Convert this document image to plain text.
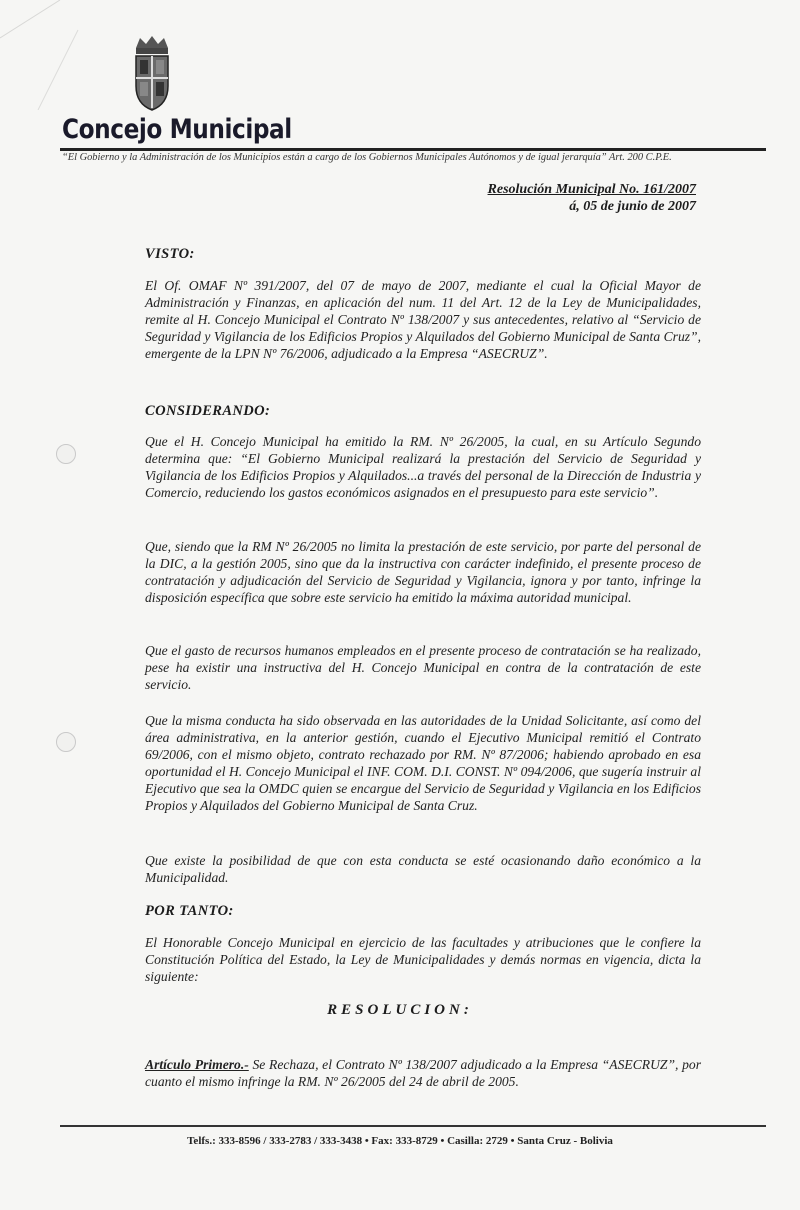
Concejo Municipal
“El Gobierno y la Administración de los Municipios están a cargo de los Gobiernos Municipales Autónomos y de igual jerarquía” Art. 200 C.P.E.
Resolución Municipal No. 161/2007
á, 05 de junio de 2007
VISTO:
El Of. OMAF Nº 391/2007, del 07 de mayo de 2007, mediante el cual la Oficial Mayor de Administración y Finanzas, en aplicación del num. 11 del Art. 12 de la Ley de Municipalidades, remite al H. Concejo Municipal el Contrato Nº 138/2007 y sus antecedentes, relativo al “Servicio de Seguridad y Vigilancia de los Edificios Propios y Alquilados del Gobierno Municipal de Santa Cruz”, emergente de la LPN Nº 76/2006, adjudicado a la Empresa “ASECRUZ”.
CONSIDERANDO:
Que el H. Concejo Municipal ha emitido la RM. Nº 26/2005, la cual, en su Artículo Segundo determina que: “El Gobierno Municipal realizará la prestación del Servicio de Seguridad y Vigilancia de los Edificios Propios y Alquilados...a través del personal de la Dirección de Industria y Comercio, reduciendo los gastos económicos asignados en el presupuesto para este servicio”.
Que, siendo que la RM Nº 26/2005 no limita la prestación de este servicio, por parte del personal de la DIC, a la gestión 2005, sino que da la instructiva con carácter indefinido, el presente proceso de contratación y adjudicación del Servicio de Seguridad y Vigilancia, ignora y por tanto, infringe la disposición específica que sobre este servicio ha emitido la máxima autoridad municipal.
Que el gasto de recursos humanos empleados en el presente proceso de contratación se ha realizado, pese ha existir una instructiva del H. Concejo Municipal en contra de la contratación de este servicio.
Que la misma conducta ha sido observada en las autoridades de la Unidad Solicitante, así como del área administrativa, en la anterior gestión, cuando el Ejecutivo Municipal remitió el Contrato 69/2006, con el mismo objeto, contrato rechazado por RM. Nº 87/2006; habiendo aprobado en esa oportunidad el H. Concejo Municipal el INF. COM. D.I. CONST. Nº 094/2006, que sugería instruir al Ejecutivo que sea la OMDC quien se encargue del Servicio de Seguridad y Vigilancia en los Edificios Propios y Alquilados del Gobierno Municipal de Santa Cruz.
Que existe la posibilidad de que con esta conducta se esté ocasionando daño económico a la Municipalidad.
POR TANTO:
El Honorable Concejo Municipal en ejercicio de las facultades y atribuciones que le confiere la Constitución Política del Estado, la Ley de Municipalidades y demás normas en vigencia, dicta la siguiente:
RESOLUCION:
Artículo Primero.- Se Rechaza, el Contrato Nº 138/2007 adjudicado a la Empresa “ASECRUZ”, por cuanto el mismo infringe la RM. Nº 26/2005 del 24 de abril de 2005.
Telfs.: 333-8596 / 333-2783 / 333-3438 • Fax: 333-8729 • Casilla: 2729 • Santa Cruz - Bolivia
